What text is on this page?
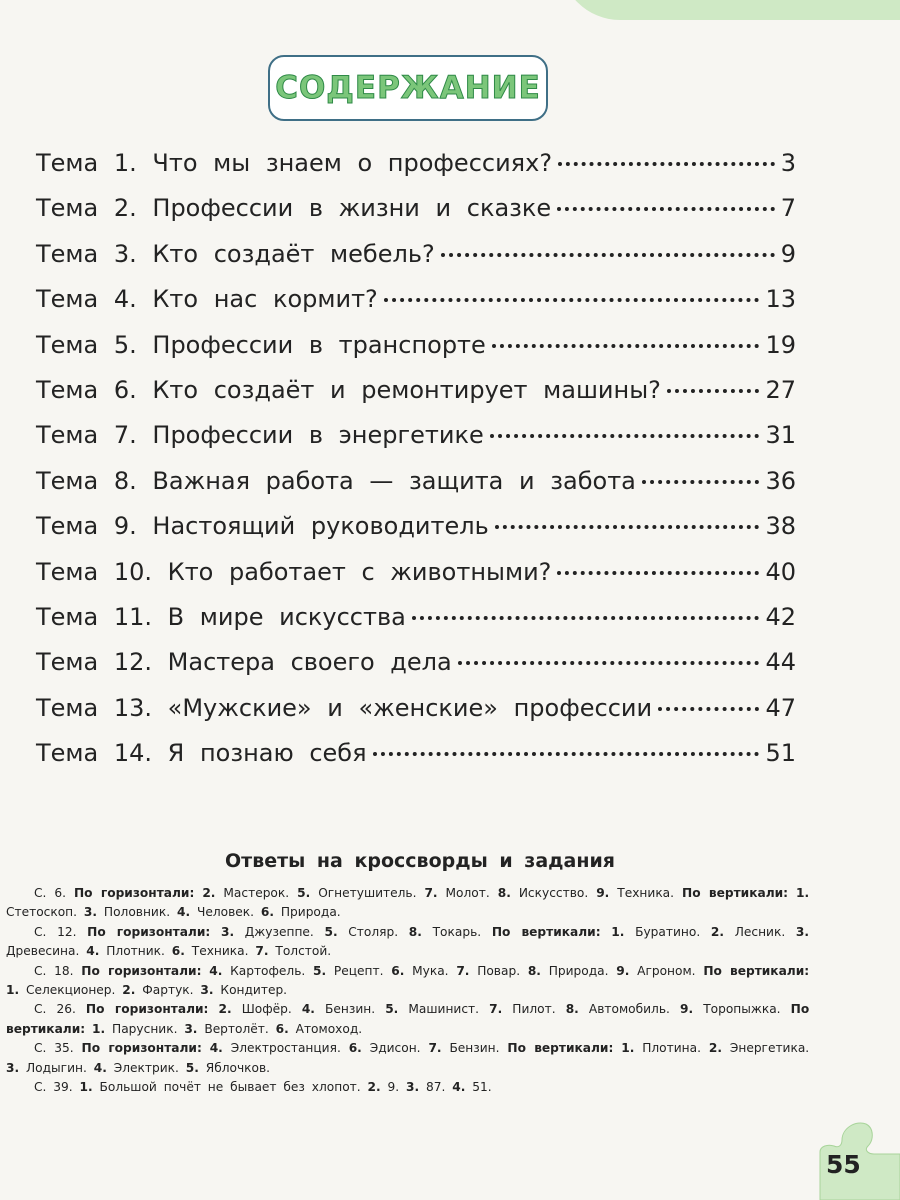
СОДЕРЖАНИЕ
Тема 1. Что мы знаем о профессиях?	3
Тема 2. Профессии в жизни и сказке	7
Тема 3. Кто создаёт мебель?	9
Тема 4. Кто нас кормит?	13
Тема 5. Профессии в транспорте	19
Тема 6. Кто создаёт и ремонтирует машины?	27
Тема 7. Профессии в энергетике	31
Тема 8. Важная работа — защита и забота	36
Тема 9. Настоящий руководитель	38
Тема 10. Кто работает с животными?	40
Тема 11. В мире искусства	42
Тема 12. Мастера своего дела	44
Тема 13. «Мужские» и «женские» профессии	47
Тема 14. Я познаю себя	51
Ответы на кроссворды и задания

С. 6. По горизонтали: 2. Мастерок. 5. Огнетушитель. 7. Молот. 8. Искусство. 9. Техника. По вертикали: 1. Стетоскоп. 3. Половник. 4. Человек. 6. Природа.

С. 12. По горизонтали: 3. Джузеппе. 5. Столяр. 8. Токарь. По вертикали: 1. Буратино. 2. Лесник. 3. Древесина. 4. Плотник. 6. Техника. 7. Толстой.

С. 18. По горизонтали: 4. Картофель. 5. Рецепт. 6. Мука. 7. Повар. 8. Природа. 9. Агроном. По вертикали: 1. Селекционер. 2. Фартук. 3. Кондитер.

С. 26. По горизонтали: 2. Шофёр. 4. Бензин. 5. Машинист. 7. Пилот. 8. Автомобиль. 9. Торопыжка. По вертикали: 1. Парусник. 3. Вертолёт. 6. Атомоход.

С. 35. По горизонтали: 4. Электростанция. 6. Эдисон. 7. Бензин. По вертикали: 1. Плотина. 2. Энергетика. 3. Лодыгин. 4. Электрик. 5. Яблочков.

С. 39. 1. Большой почёт не бывает без хлопот. 2. 9. 3. 87. 4. 51.

55
